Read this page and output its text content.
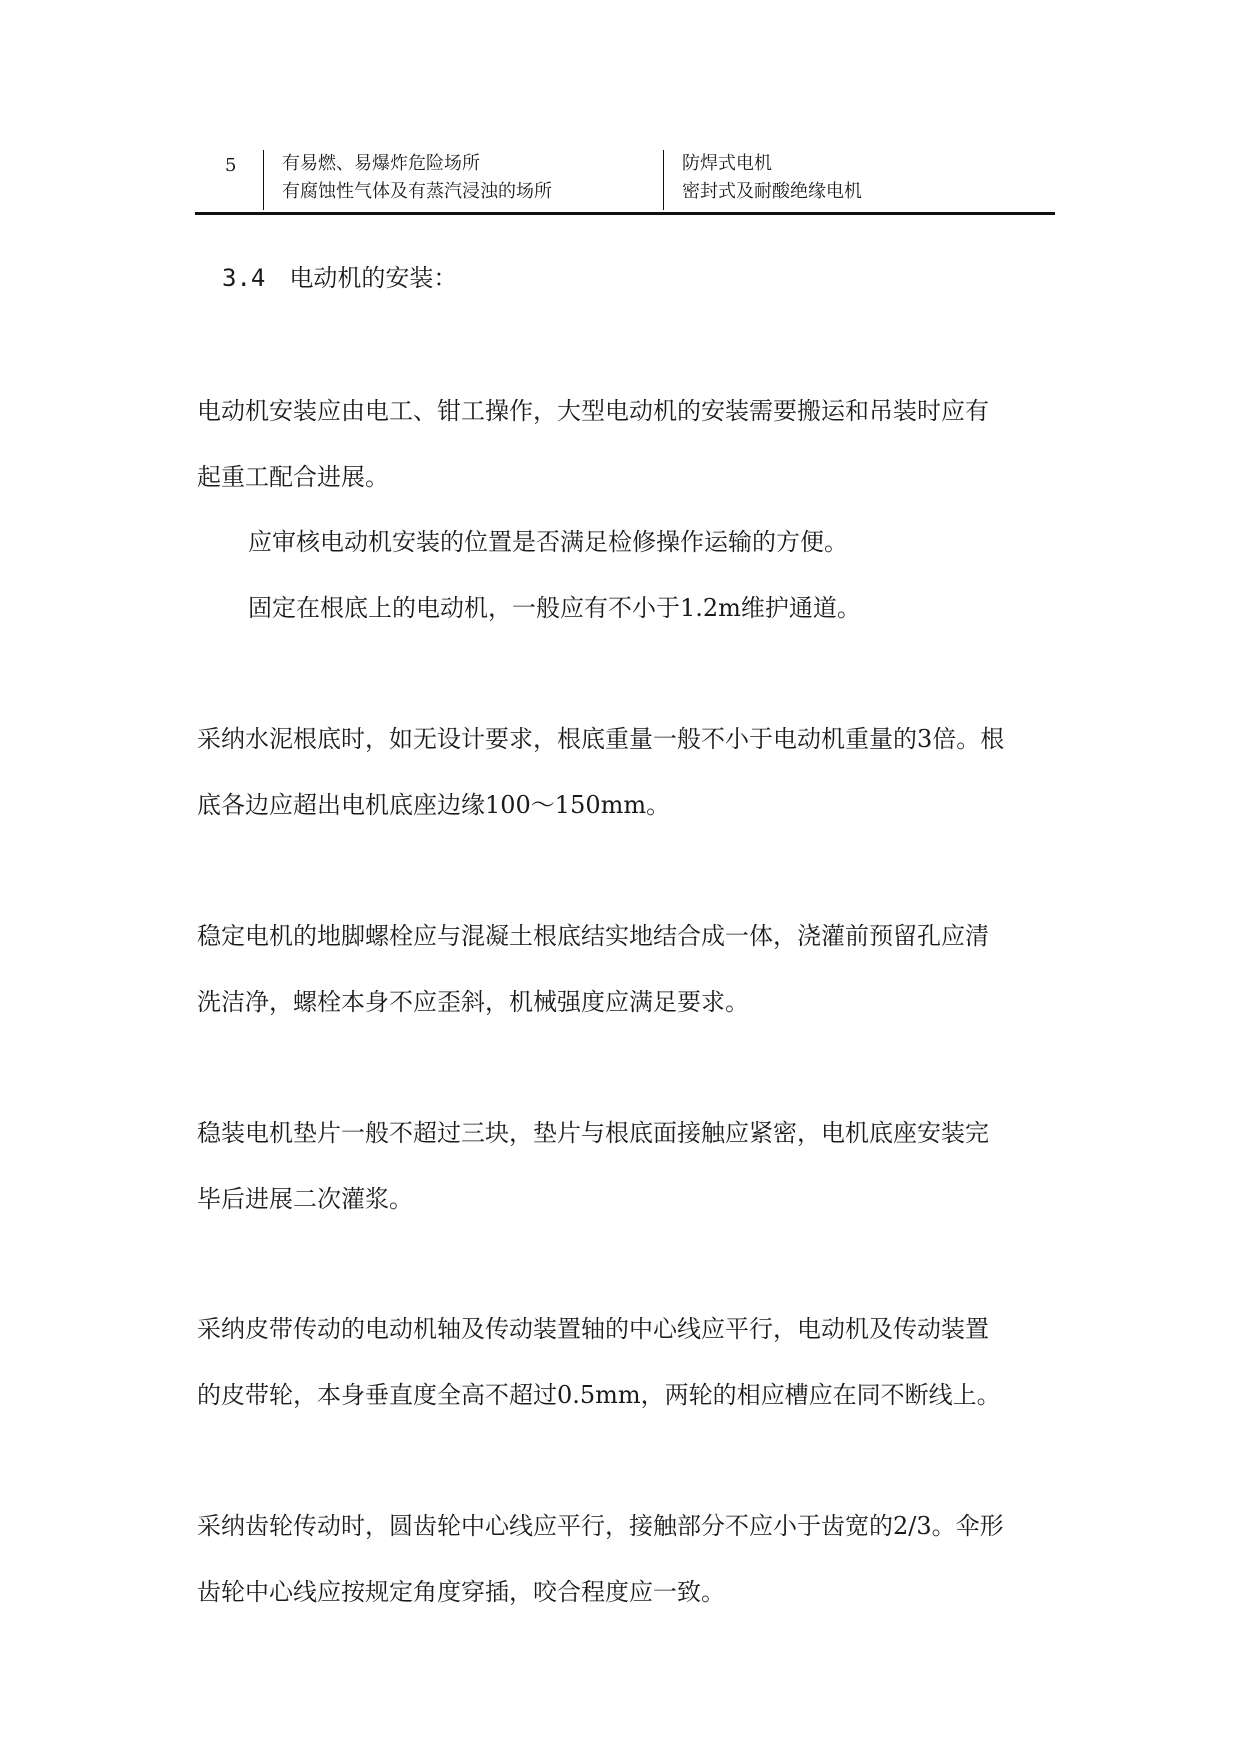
5	有易燃、易爆炸危险场所
有腐蚀性气体及有蒸汽浸浊的场所
防焊式电机
密封式及耐酸绝缘电机
3.4 电动机的安装：
电动机安装应由电工、钳工操作，大型电动机的安装需要搬运和吊装时应有
起重工配合进展。
应审核电动机安装的位置是否满足检修操作运输的方便。
固定在根底上的电动机，一般应有不小于1.2m维护通道。
采纳水泥根底时，如无设计要求，根底重量一般不小于电动机重量的3倍。根
底各边应超出电机底座边缘100～150mm。
稳定电机的地脚螺栓应与混凝土根底结实地结合成一体，浇灌前预留孔应清
洗洁净，螺栓本身不应歪斜，机械强度应满足要求。
稳装电机垫片一般不超过三块，垫片与根底面接触应紧密，电机底座安装完
毕后进展二次灌浆。
采纳皮带传动的电动机轴及传动装置轴的中心线应平行，电动机及传动装置
的皮带轮，本身垂直度全高不超过0.5mm，两轮的相应槽应在同不断线上。
采纳齿轮传动时，圆齿轮中心线应平行，接触部分不应小于齿宽的2/3。伞形
齿轮中心线应按规定角度穿插，咬合程度应一致。
